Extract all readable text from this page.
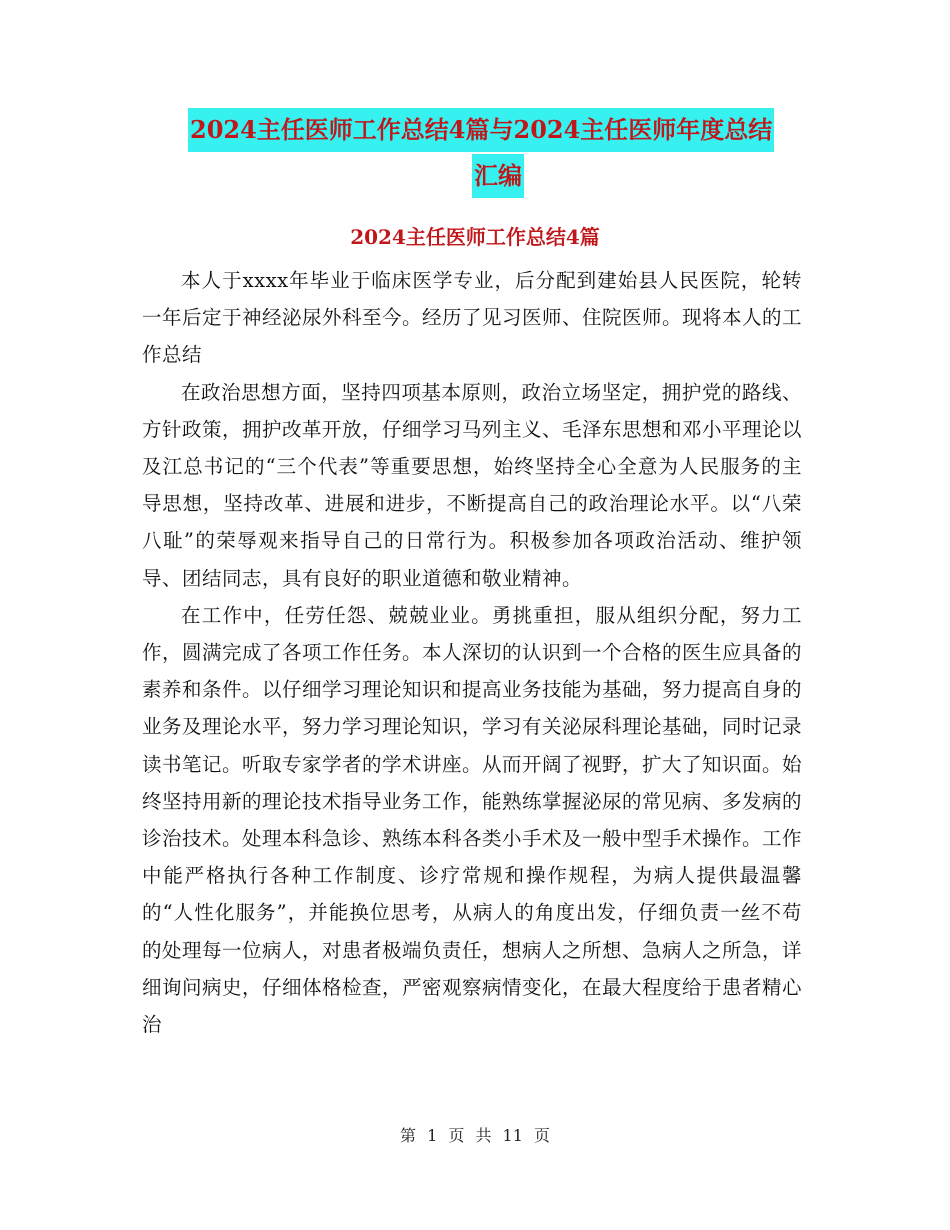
2024主任医师工作总结4篇与2024主任医师年度总结
汇编
2024主任医师工作总结4篇

本人于xxxx年毕业于临床医学专业，后分配到建始县人民医院，轮转一年后定于神经泌尿外科至今。经历了见习医师、住院医师。现将本人的工作总结

在政治思想方面，坚持四项基本原则，政治立场坚定，拥护党的路线、方针政策，拥护改革开放，仔细学习马列主义、毛泽东思想和邓小平理论以及江总书记的“三个代表”等重要思想，始终坚持全心全意为人民服务的主导思想，坚持改革、进展和进步，不断提高自己的政治理论水平。以“八荣八耻”的荣辱观来指导自己的日常行为。积极参加各项政治活动、维护领导、团结同志，具有良好的职业道德和敬业精神。

在工作中，任劳任怨、兢兢业业。勇挑重担，服从组织分配，努力工作，圆满完成了各项工作任务。本人深切的认识到一个合格的医生应具备的素养和条件。以仔细学习理论知识和提高业务技能为基础，努力提高自身的业务及理论水平，努力学习理论知识，学习有关泌尿科理论基础，同时记录读书笔记。听取专家学者的学术讲座。从而开阔了视野，扩大了知识面。始终坚持用新的理论技术指导业务工作，能熟练掌握泌尿的常见病、多发病的诊治技术。处理本科急诊、熟练本科各类小手术及一般中型手术操作。工作中能严格执行各种工作制度、诊疗常规和操作规程，为病人提供最温馨的“人性化服务”，并能换位思考，从病人的角度出发，仔细负责一丝不苟的处理每一位病人，对患者极端负责任，想病人之所想、急病人之所急，详细询问病史，仔细体格检查，严密观察病情变化，在最大程度给于患者精心治

第 1 页 共 11 页
